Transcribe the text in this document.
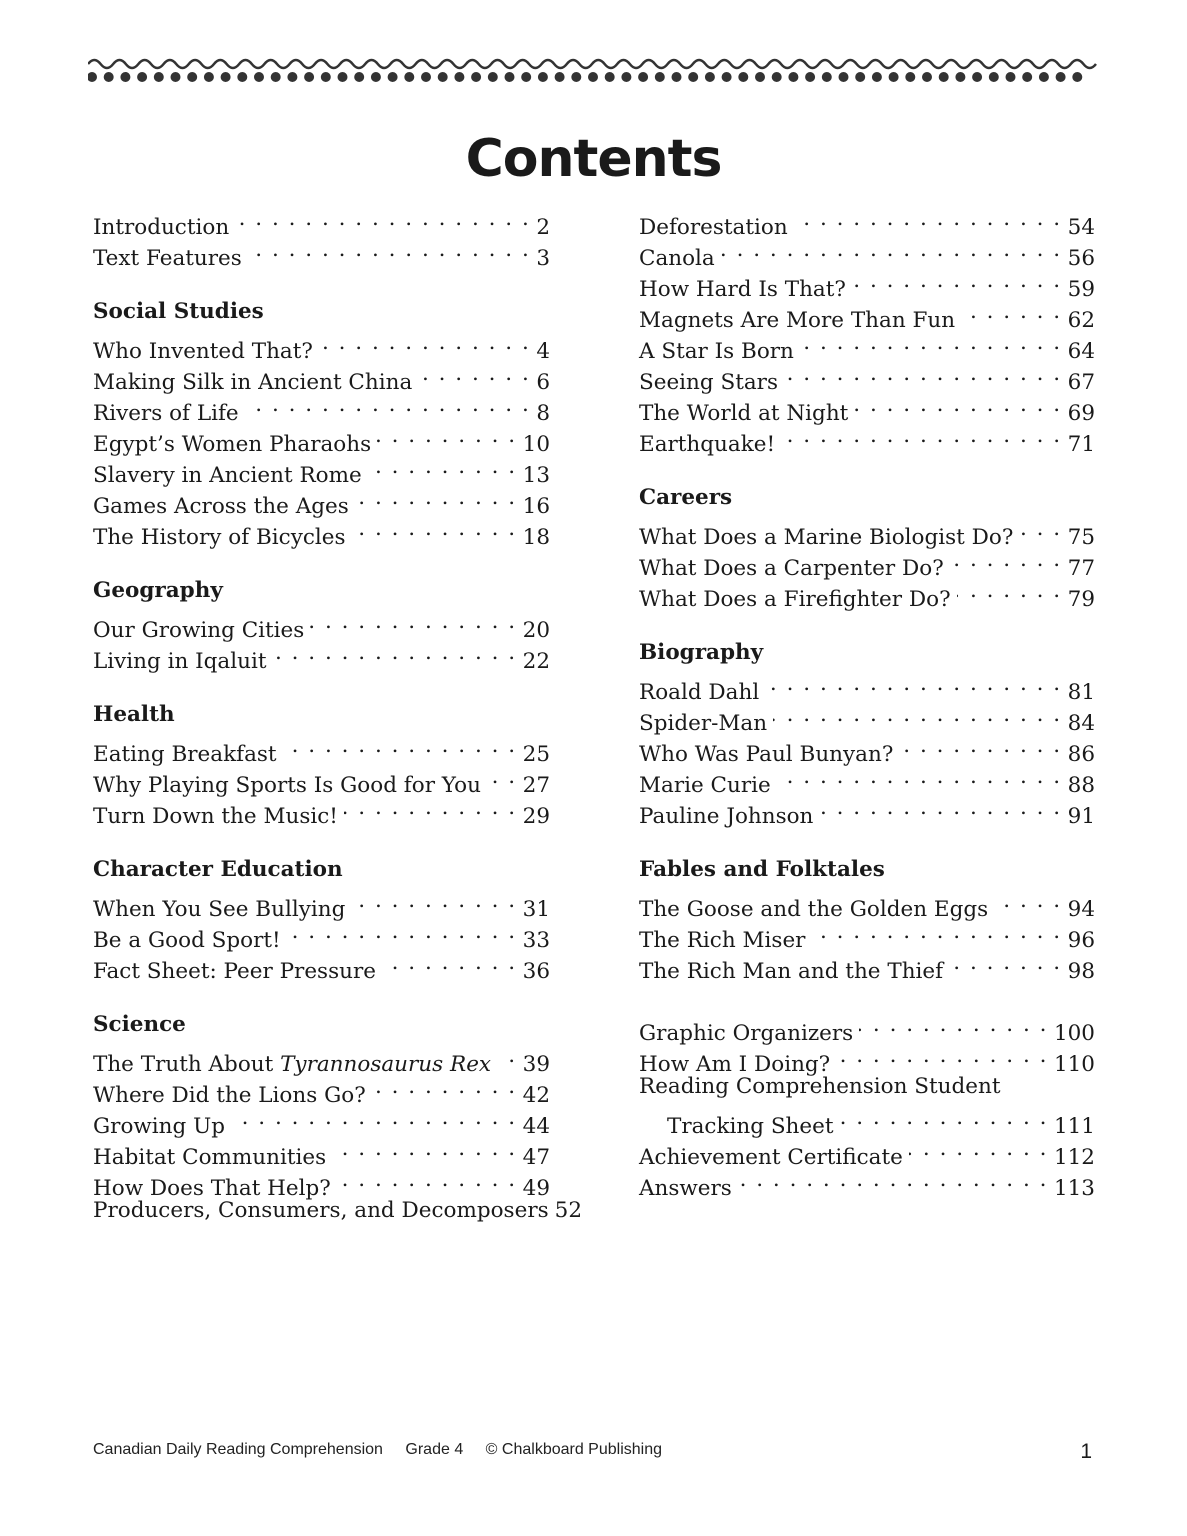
Contents
Introduction . . .	2
Text Features . . .	3
Social Studies
Who Invented That? . . .	4
Making Silk in Ancient China . . .	6
Rivers of Life . . .	8
Egypt’s Women Pharaohs . . .	10
Slavery in Ancient Rome . . .	13
Games Across the Ages . . .	16
The History of Bicycles . . .	18
Geography
Our Growing Cities . . .	20
Living in Iqaluit . . .	22
Health
Eating Breakfast . . .	25
Why Playing Sports Is Good for You . . . 27
Turn Down the Music! . . .	29
Character Education
When You See Bullying . . .	31
Be a Good Sport! . . .	33
Fact Sheet: Peer Pressure . . .	36
Science
The Truth About Tyrannosaurus Rex . . . 39
Where Did the Lions Go? . . .	42
Growing Up . . .	44
Habitat Communities . . .	47
How Does That Help? . . .	49
Producers, Consumers, and Decomposers 52
Deforestation . . .	54
Canola . . .	56
How Hard Is That? . . .	59
Magnets Are More Than Fun . . .	62
A Star Is Born . . .	64
Seeing Stars . . .	67
The World at Night . . .	69
Earthquake! . . .	71
Careers
What Does a Marine Biologist Do? . . .	75
What Does a Carpenter Do? . . .	77
What Does a Firefighter Do? . . .	79
Biography
Roald Dahl . . .	81
Spider-Man . . .	84
Who Was Paul Bunyan? . . .	86
Marie Curie . . .	88
Pauline Johnson . . .	91
Fables and Folktales
The Goose and the Golden Eggs . . .	94
The Rich Miser . . .	96
The Rich Man and the Thief . . .	98
Graphic Organizers . . .	100
How Am I Doing? . . .	110
Reading Comprehension Student
Tracking Sheet . . .	111
Achievement Certificate . . .	112
Answers . . .	113
Canadian Daily Reading Comprehension Grade 4 © Chalkboard Publishing	1
